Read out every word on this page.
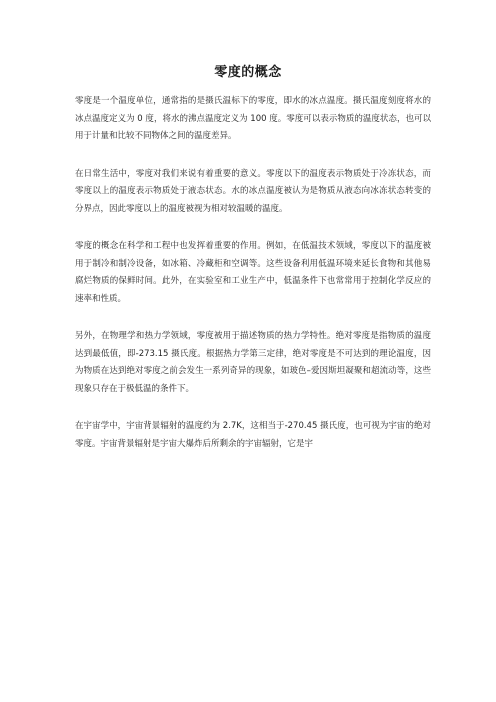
零度的概念

零度是一个温度单位，通常指的是摄氏温标下的零度，即水的冰点温度。摄氏温度刻度将水的冰点温度定义为 0 度，将水的沸点温度定义为 100 度。零度可以表示物质的温度状态，也可以用于计量和比较不同物体之间的温度差异。

在日常生活中，零度对我们来说有着重要的意义。零度以下的温度表示物质处于冷冻状态，而零度以上的温度表示物质处于液态状态。水的冰点温度被认为是物质从液态向冰冻状态转变的分界点，因此零度以上的温度被视为相对较温暖的温度。

零度的概念在科学和工程中也发挥着重要的作用。例如，在低温技术领域，零度以下的温度被用于制冷和制冷设备，如冰箱、冷藏柜和空调等。这些设备利用低温环境来延长食物和其他易腐烂物质的保鲜时间。此外，在实验室和工业生产中，低温条件下也常常用于控制化学反应的速率和性质。

另外，在物理学和热力学领域，零度被用于描述物质的热力学特性。绝对零度是指物质的温度达到最低值，即-273.15 摄氏度。根据热力学第三定律，绝对零度是不可达到的理论温度，因为物质在达到绝对零度之前会发生一系列奇异的现象，如玻色–爱因斯坦凝聚和超流动等，这些现象只存在于极低温的条件下。

在宇宙学中，宇宙背景辐射的温度约为 2.7K，这相当于-270.45 摄氏度，也可视为宇宙的绝对零度。宇宙背景辐射是宇宙大爆炸后所剩余的宇宙辐射，它是宇
